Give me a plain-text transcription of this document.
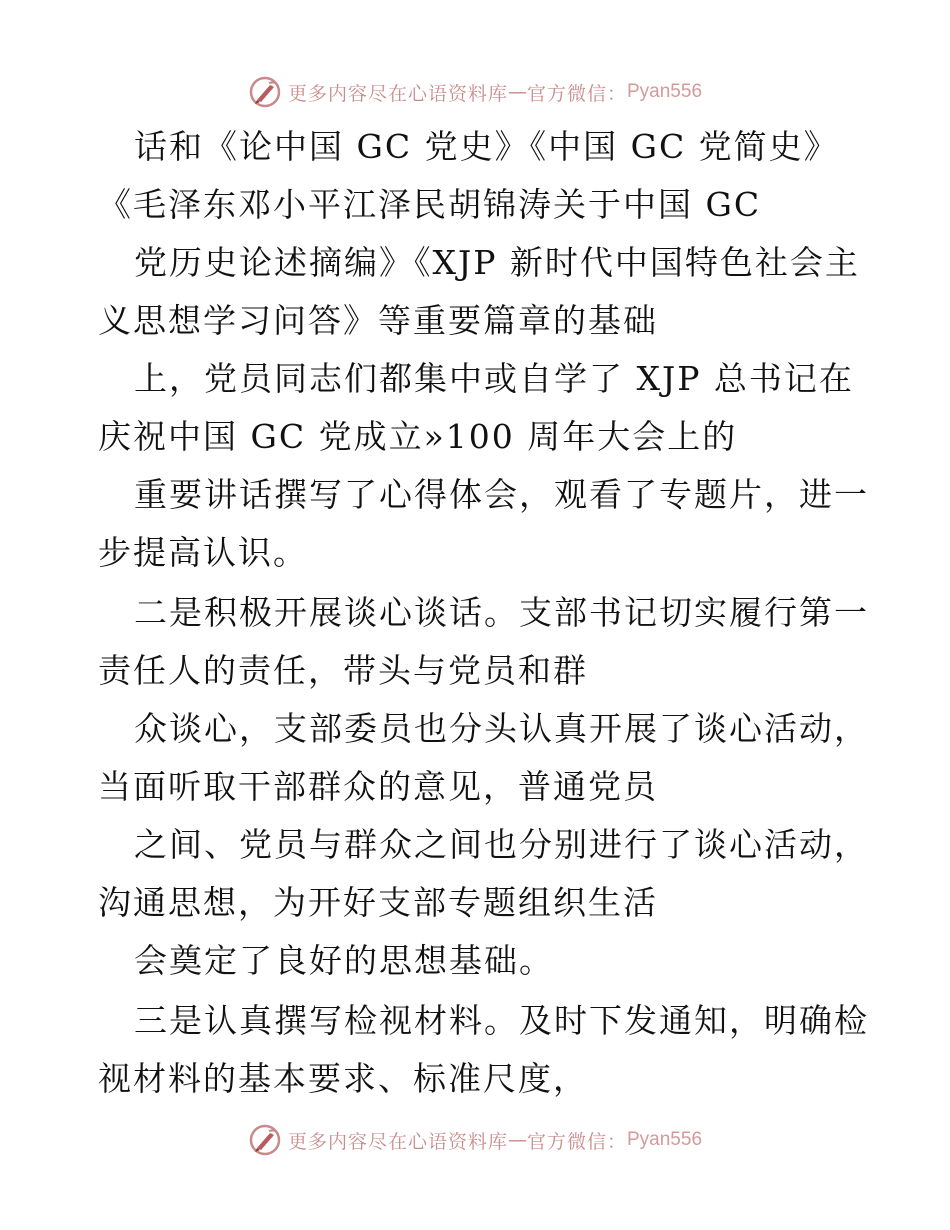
更多内容尽在心语资料库 — 官方微信： Pyan556
话和《论中国 GC 党史》《中国 GC 党简史》
《毛泽东邓小平江泽民胡锦涛关于中国 GC
党历史论述摘编》《XJP 新时代中国特色社会主
义思想学习问答》等重要篇章的基础
上，党员同志们都集中或自学了 XJP 总书记在
庆祝中国 GC 党成立»100 周年大会上的
重要讲话撰写了心得体会，观看了专题片，进一
步提高认识。
二是积极开展谈心谈话。支部书记切实履行第一
责任人的责任，带头与党员和群
众谈心，支部委员也分头认真开展了谈心活动，
当面听取干部群众的意见，普通党员
之间、党员与群众之间也分别进行了谈心活动，
沟通思想，为开好支部专题组织生活
会奠定了良好的思想基础。
三是认真撰写检视材料。及时下发通知，明确检
视材料的基本要求、标准尺度，
更多内容尽在心语资料库 — 官方微信： Pyan556
